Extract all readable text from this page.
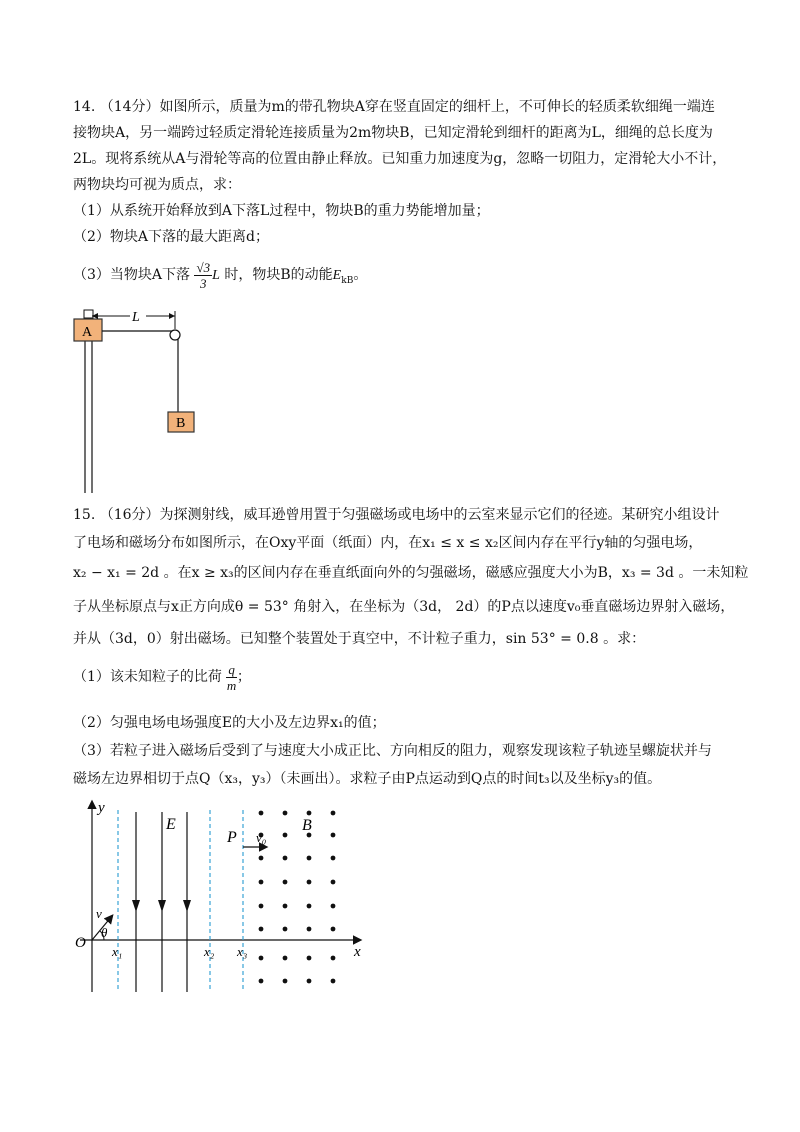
14. （14分）如图所示，质量为m的带孔物块A穿在竖直固定的细杆上，不可伸长的轻质柔软细绳一端连
接物块A，另一端跨过轻质定滑轮连接质量为2m物块B，已知定滑轮到细杆的距离为L，细绳的总长度为
2L。现将系统从A与滑轮等高的位置由静止释放。已知重力加速度为g，忽略一切阻力，定滑轮大小不计，
两物块均可视为质点，求：
（1）从系统开始释放到A下落L过程中，物块B的重力势能增加量；
（2）物块A下落的最大距离d；
（3）当物块A下落 $\frac{√3}{3}$ L 时，物块B的动能$E_{kB}$。
A
L
B
15. （16分）为探测射线，威耳逊曾用置于匀强磁场或电场中的云室来显示它们的径迹。某研究小组设计
了电场和磁场分布如图所示，在Oxy平面（纸面）内，在x₁ ≤ x ≤ x₂区间内存在平行y轴的匀强电场，
x₂ − x₁ = 2d 。在x ≥ x₃的区间内存在垂直纸面向外的匀强磁场，磁感应强度大小为B，x₃ = 3d 。一未知粒
子从坐标原点与x正方向成θ = 53° 角射入，在坐标为（3d， 2d）的P点以速度v₀垂直磁场边界射入磁场，
并从（3d，0）射出磁场。已知整个装置处于真空中，不计粒子重力，sin 53° = 0.8 。求：
（1）该未知粒子的比荷 $\frac{q}{m}$ ；
（2）匀强电场电场强度E的大小及左边界x₁的值；
（3）若粒子进入磁场后受到了与速度大小成正比、方向相反的阻力，观察发现该粒子轨迹呈螺旋状并与
磁场左边界相切于点Q（x₃，y₃）（未画出）。求粒子由P点运动到Q点的时间t₃以及坐标y₃的值。
y
x
O
x₁	x₂ x₃
E	B
P v₀
v
θ
